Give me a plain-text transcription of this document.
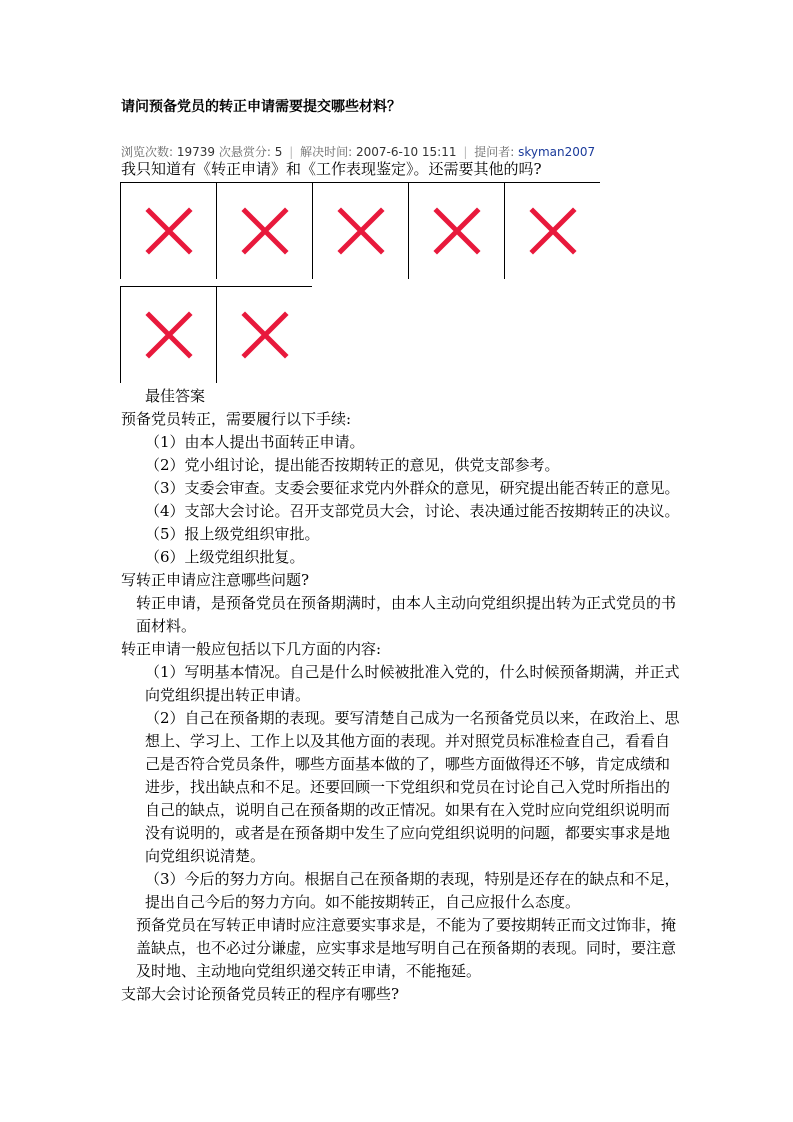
请问预备党员的转正申请需要提交哪些材料？
浏览次数: 19739 次悬赏分: 5 | 解决时间: 2007-6-10 15:11 | 提问者: skyman2007
我只知道有《转正申请》和《工作表现鉴定》。还需要其他的吗?

最佳答案

预备党员转正，需要履行以下手续:

（1）由本人提出书面转正申请。

（2）党小组讨论，提出能否按期转正的意见，供党支部参考。

（3）支委会审查。支委会要征求党内外群众的意见，研究提出能否转正的意见。

（4）支部大会讨论。召开支部党员大会，讨论、表决通过能否按期转正的决议。

（5）报上级党组织审批。

（6）上级党组织批复。

写转正申请应注意哪些问题?

转正申请，是预备党员在预备期满时，由本人主动向党组织提出转为正式党员的书面材料。

转正申请一般应包括以下几方面的内容:

（1）写明基本情况。自己是什么时候被批准入党的，什么时候预备期满，并正式向党组织提出转正申请。

（2）自己在预备期的表现。要写清楚自己成为一名预备党员以来，在政治上、思想上、学习上、工作上以及其他方面的表现。并对照党员标准检查自己，看看自己是否符合党员条件，哪些方面基本做的了，哪些方面做得还不够，肯定成绩和进步，找出缺点和不足。还要回顾一下党组织和党员在讨论自己入党时所指出的自己的缺点，说明自己在预备期的改正情况。如果有在入党时应向党组织说明而没有说明的，或者是在预备期中发生了应向党组织说明的问题，都要实事求是地向党组织说清楚。

（3）今后的努力方向。根据自己在预备期的表现，特别是还存在的缺点和不足，提出自己今后的努力方向。如不能按期转正，自己应报什么态度。

预备党员在写转正申请时应注意要实事求是，不能为了要按期转正而文过饰非，掩盖缺点，也不必过分谦虚，应实事求是地写明自己在预备期的表现。同时，要注意及时地、主动地向党组织递交转正申请，不能拖延。

支部大会讨论预备党员转正的程序有哪些?
